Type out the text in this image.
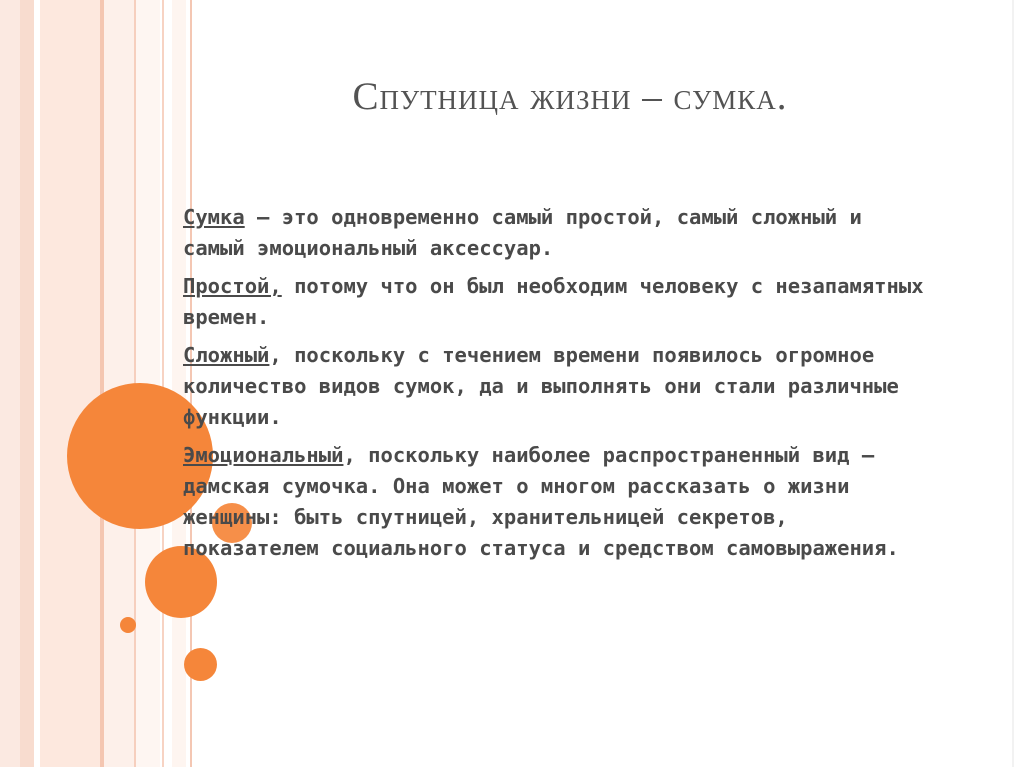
Спутница жизни – сумка.

Сумка — это одновременно самый простой, самый сложный и самый эмоциональный аксессуар.

Простой, потому что он был необходим человеку с незапамятных времен.

Сложный, поскольку с течением времени появилось огромное количество видов сумок, да и выполнять они стали различные функции.

Эмоциональный, поскольку наиболее распространенный вид — дамская сумочка. Она может о многом рассказать о жизни женщины: быть спутницей, хранительницей секретов, показателем социального статуса и средством самовыражения.
